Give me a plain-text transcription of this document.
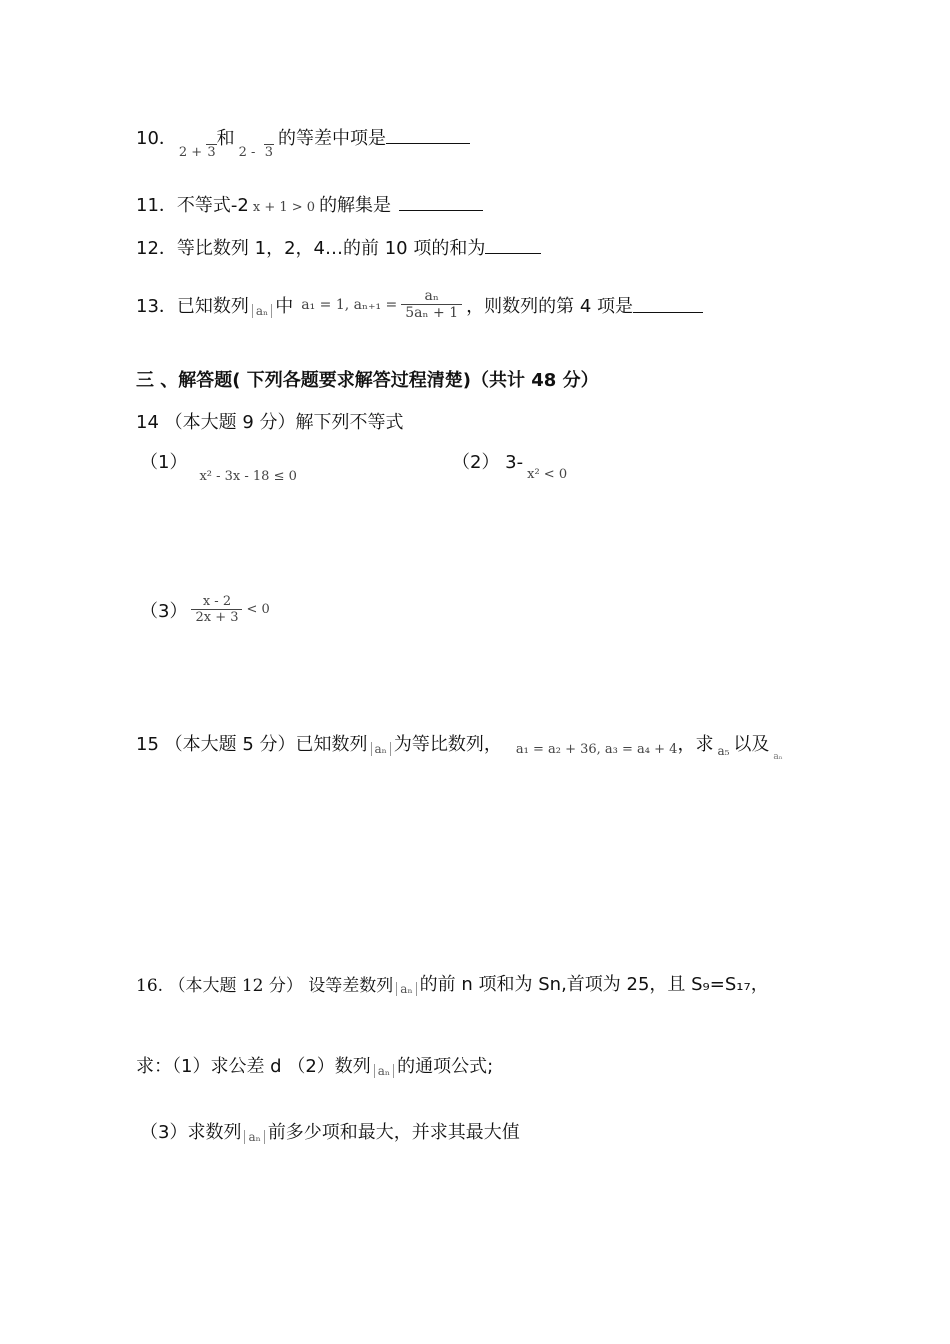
10．
2 + 3
和
2 -  3
的等差中项是
11． 不等式-2 x + 1 > 0 的解集是
12． 等比数列 1，2，4…的前 10 项的和为
13． 已知数列 aₙ 中 a₁ = 1, $a_{n+1} = \frac{\text{aₙ}}{\text{5aₙ + 1}}$ ，则数列的第 4 项是
三 、解答题( 下列各题要求解答过程清楚)（共计 48 分）
14 （本大题 9 分）解下列不等式
（1）
x² - 3x - 18 ≤ 0
（2） 3-
x² < 0
$(3) \frac{x - 2}{2x + 3} < 0$
15 （本大题 5 分）已知数列 aₙ 为等比数列， a₁ = a₂ + 36, a₃ = a₄ + 4 ，求 a₅ 以及
aₙ
16. （本大题 12 分） 设等差数列 aₙ 的前 n 项和为 Sn,首项为 25，且 S₉=S₁₇，
求：（1）求公差 d （2）数列 aₙ 的通项公式;
（3）求数列 aₙ 前多少项和最大，并求其最大值
